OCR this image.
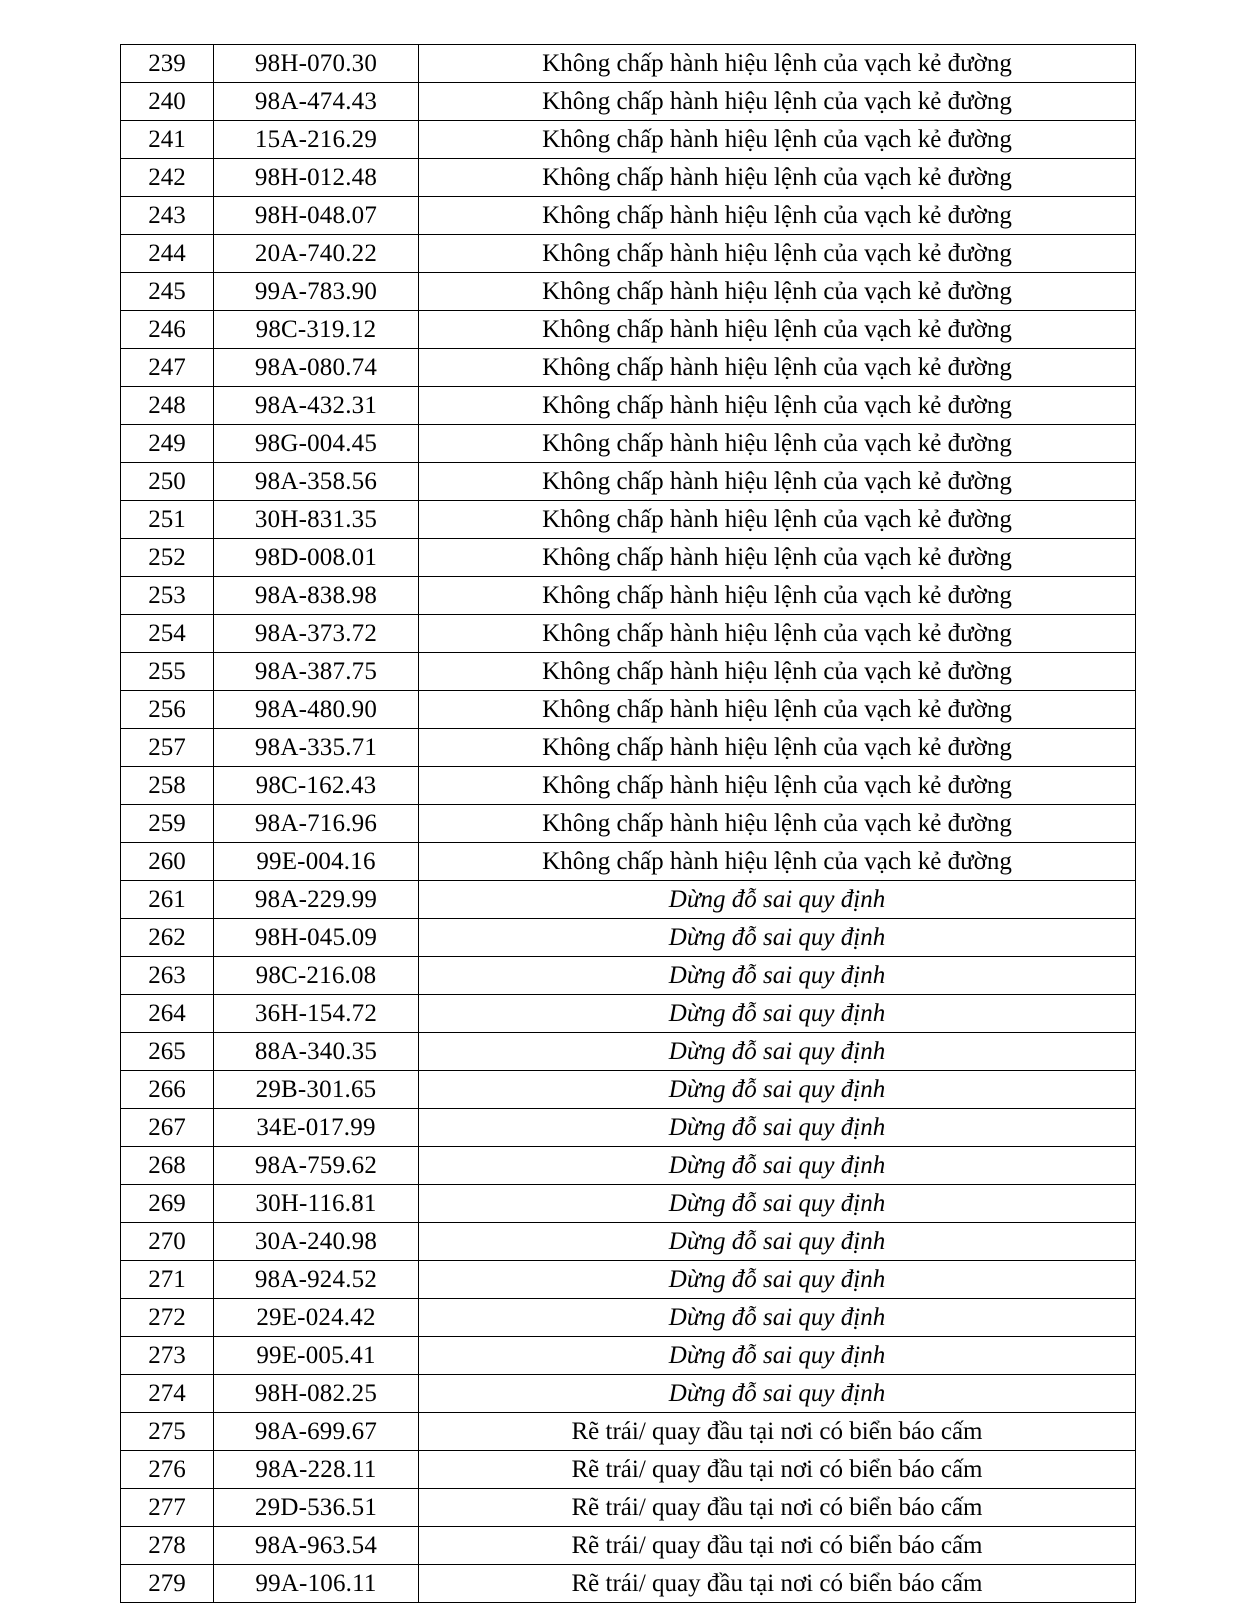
239	98H-070.30	Không chấp hành hiệu lệnh của vạch kẻ đường
240	98A-474.43	Không chấp hành hiệu lệnh của vạch kẻ đường
241	15A-216.29	Không chấp hành hiệu lệnh của vạch kẻ đường
242	98H-012.48	Không chấp hành hiệu lệnh của vạch kẻ đường
243	98H-048.07	Không chấp hành hiệu lệnh của vạch kẻ đường
244	20A-740.22	Không chấp hành hiệu lệnh của vạch kẻ đường
245	99A-783.90	Không chấp hành hiệu lệnh của vạch kẻ đường
246	98C-319.12	Không chấp hành hiệu lệnh của vạch kẻ đường
247	98A-080.74	Không chấp hành hiệu lệnh của vạch kẻ đường
248	98A-432.31	Không chấp hành hiệu lệnh của vạch kẻ đường
249	98G-004.45	Không chấp hành hiệu lệnh của vạch kẻ đường
250	98A-358.56	Không chấp hành hiệu lệnh của vạch kẻ đường
251	30H-831.35	Không chấp hành hiệu lệnh của vạch kẻ đường
252	98D-008.01	Không chấp hành hiệu lệnh của vạch kẻ đường
253	98A-838.98	Không chấp hành hiệu lệnh của vạch kẻ đường
254	98A-373.72	Không chấp hành hiệu lệnh của vạch kẻ đường
255	98A-387.75	Không chấp hành hiệu lệnh của vạch kẻ đường
256	98A-480.90	Không chấp hành hiệu lệnh của vạch kẻ đường
257	98A-335.71	Không chấp hành hiệu lệnh của vạch kẻ đường
258	98C-162.43	Không chấp hành hiệu lệnh của vạch kẻ đường
259	98A-716.96	Không chấp hành hiệu lệnh của vạch kẻ đường
260	99E-004.16	Không chấp hành hiệu lệnh của vạch kẻ đường
261	98A-229.99	Dừng đỗ sai quy định
262	98H-045.09	Dừng đỗ sai quy định
263	98C-216.08	Dừng đỗ sai quy định
264	36H-154.72	Dừng đỗ sai quy định
265	88A-340.35	Dừng đỗ sai quy định
266	29B-301.65	Dừng đỗ sai quy định
267	34E-017.99	Dừng đỗ sai quy định
268	98A-759.62	Dừng đỗ sai quy định
269	30H-116.81	Dừng đỗ sai quy định
270	30A-240.98	Dừng đỗ sai quy định
271	98A-924.52	Dừng đỗ sai quy định
272	29E-024.42	Dừng đỗ sai quy định
273	99E-005.41	Dừng đỗ sai quy định
274	98H-082.25	Dừng đỗ sai quy định
275	98A-699.67	Rẽ trái/ quay đầu tại nơi có biển báo cấm
276	98A-228.11	Rẽ trái/ quay đầu tại nơi có biển báo cấm
277	29D-536.51	Rẽ trái/ quay đầu tại nơi có biển báo cấm
278	98A-963.54	Rẽ trái/ quay đầu tại nơi có biển báo cấm
279	99A-106.11	Rẽ trái/ quay đầu tại nơi có biển báo cấm
